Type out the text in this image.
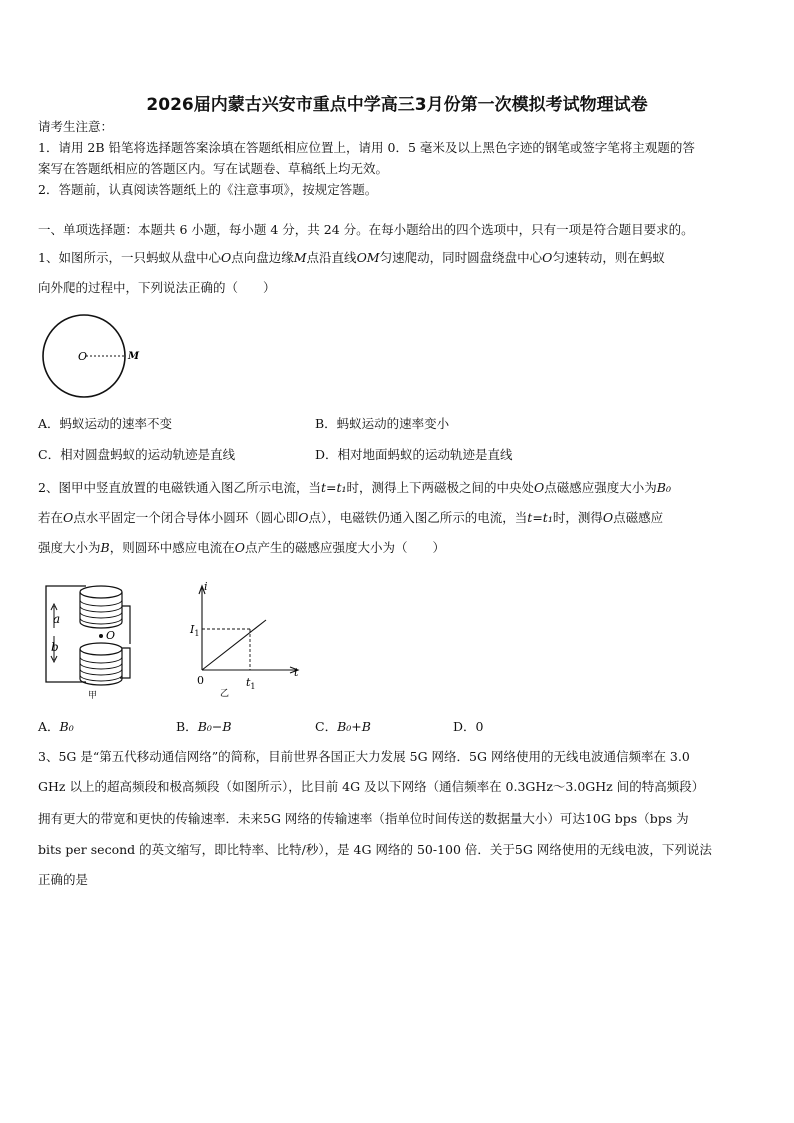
2026届内蒙古兴安市重点中学高三3月份第一次模拟考试物理试卷
请考生注意：
1．请用 2B 铅笔将选择题答案涂填在答题纸相应位置上，请用 0．5 毫米及以上黑色字迹的钢笔或签字笔将主观题的答
案写在答题纸相应的答题区内。写在试题卷、草稿纸上均无效。
2．答题前，认真阅读答题纸上的《注意事项》，按规定答题。
一、单项选择题：本题共 6 小题，每小题 4 分，共 24 分。在每小题给出的四个选项中，只有一项是符合题目要求的。
1、如图所示，一只蚂蚁从盘中心O点向盘边缘M点沿直线OM匀速爬动，同时圆盘绕盘中心O匀速转动，则在蚂蚁
向外爬的过程中，下列说法正确的（　　）
O	M
A．蚂蚁运动的速率不变	B．蚂蚁运动的速率变小
C．相对圆盘蚂蚁的运动轨迹是直线	D．相对地面蚂蚁的运动轨迹是直线
2、图甲中竖直放置的电磁铁通入图乙所示电流，当t=t₁时，测得上下两磁极之间的中央处O点磁感应强度大小为B₀
若在O点水平固定一个闭合导体小圆环（圆心即O点），电磁铁仍通入图乙所示的电流，当t=t₁时，测得O点磁感应
强度大小为B，则圆环中感应电流在O点产生的磁感应强度大小为（　　）
a
b
O
甲
i
$I_1$
t
0	$t_1$
乙
A．B₀	B．B₀−B	C．B₀+B	D．0
3、5G 是“第五代移动通信网络”的简称，目前世界各国正大力发展 5G 网络．5G 网络使用的无线电波通信频率在 3.0
GHz 以上的超高频段和极高频段（如图所示），比目前 4G 及以下网络（通信频率在 0.3GHz～3.0GHz 间的特高频段）
拥有更大的带宽和更快的传输速率．未来5G 网络的传输速率（指单位时间传送的数据量大小）可达10G bps（bps 为
bits per second 的英文缩写，即比特率、比特/秒），是 4G 网络的 50-100 倍．关于5G 网络使用的无线电波，下列说法
正确的是
